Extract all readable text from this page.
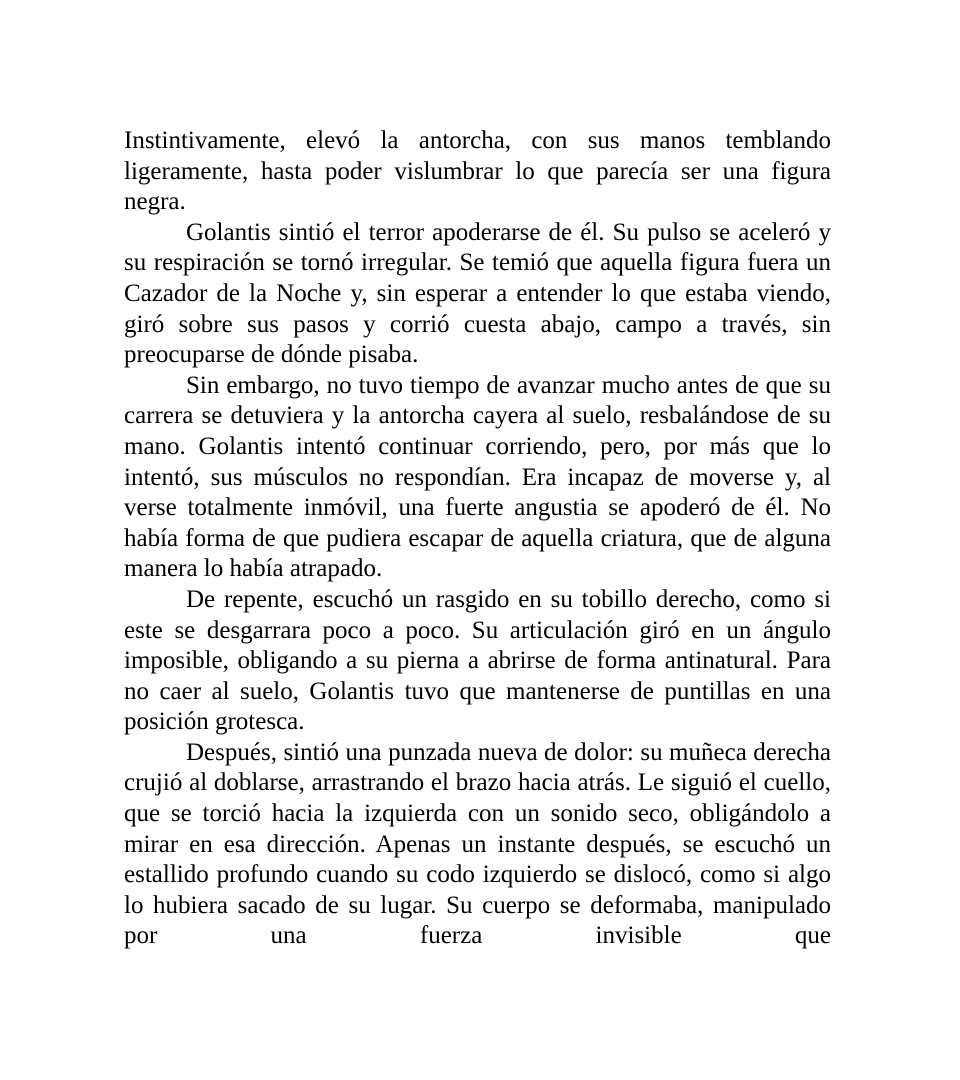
Instintivamente, elevó la antorcha, con sus manos temblando ligeramente, hasta poder vislumbrar lo que parecía ser una figura negra.

Golantis sintió el terror apoderarse de él. Su pulso se aceleró y su respiración se tornó irregular. Se temió que aquella figura fuera un Cazador de la Noche y, sin esperar a entender lo que estaba viendo, giró sobre sus pasos y corrió cuesta abajo, campo a través, sin preocuparse de dónde pisaba.

Sin embargo, no tuvo tiempo de avanzar mucho antes de que su carrera se detuviera y la antorcha cayera al suelo, resbalándose de su mano. Golantis intentó continuar corriendo, pero, por más que lo intentó, sus músculos no respondían. Era incapaz de moverse y, al verse totalmente inmóvil, una fuerte angustia se apoderó de él. No había forma de que pudiera escapar de aquella criatura, que de alguna manera lo había atrapado.

De repente, escuchó un rasgido en su tobillo derecho, como si este se desgarrara poco a poco. Su articulación giró en un ángulo imposible, obligando a su pierna a abrirse de forma antinatural. Para no caer al suelo, Golantis tuvo que mantenerse de puntillas en una posición grotesca.

Después, sintió una punzada nueva de dolor: su muñeca derecha crujió al doblarse, arrastrando el brazo hacia atrás. Le siguió el cuello, que se torció hacia la izquierda con un sonido seco, obligándolo a mirar en esa dirección. Apenas un instante después, se escuchó un estallido profundo cuando su codo izquierdo se dislocó, como si algo lo hubiera sacado de su lugar. Su cuerpo se deformaba, manipulado por una fuerza invisible que
